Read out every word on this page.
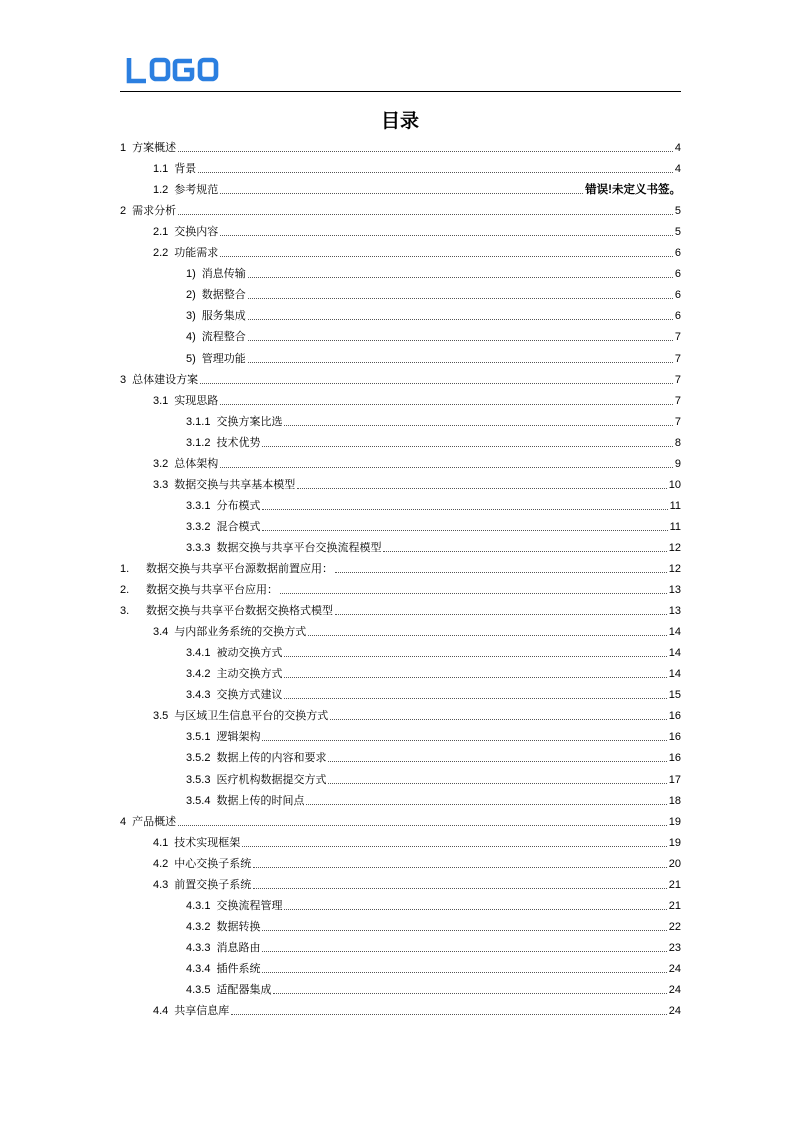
目录
1 方案概述	4
1.1 背景	4
1.2 参考规范	错误!未定义书签。
2 需求分析	5
2.1 交换内容	5
2.2 功能需求	6
1) 消息传输	6
2) 数据整合	6
3) 服务集成	6
4) 流程整合	7
5) 管理功能	7
3 总体建设方案	7
3.1 实现思路	7
3.1.1 交换方案比选	7
3.1.2 技术优势	8
3.2 总体架构	9
3.3 数据交换与共享基本模型	10
3.3.1 分布模式	11
3.3.2 混合模式	11
3.3.3 数据交换与共享平台交换流程模型	12
1.	数据交换与共享平台源数据前置应用：	12
2.	数据交换与共享平台应用：	13
3.	数据交换与共享平台数据交换格式模型	13
3.4 与内部业务系统的交换方式	14
3.4.1 被动交换方式	14
3.4.2 主动交换方式	14
3.4.3 交换方式建议	15
3.5 与区域卫生信息平台的交换方式	16
3.5.1 逻辑架构	16
3.5.2 数据上传的内容和要求	16
3.5.3 医疗机构数据提交方式	17
3.5.4 数据上传的时间点	18
4 产品概述	19
4.1 技术实现框架	19
4.2 中心交换子系统	20
4.3 前置交换子系统	21
4.3.1 交换流程管理	21
4.3.2 数据转换	22
4.3.3 消息路由	23
4.3.4 插件系统	24
4.3.5 适配器集成	24
4.4 共享信息库	24
